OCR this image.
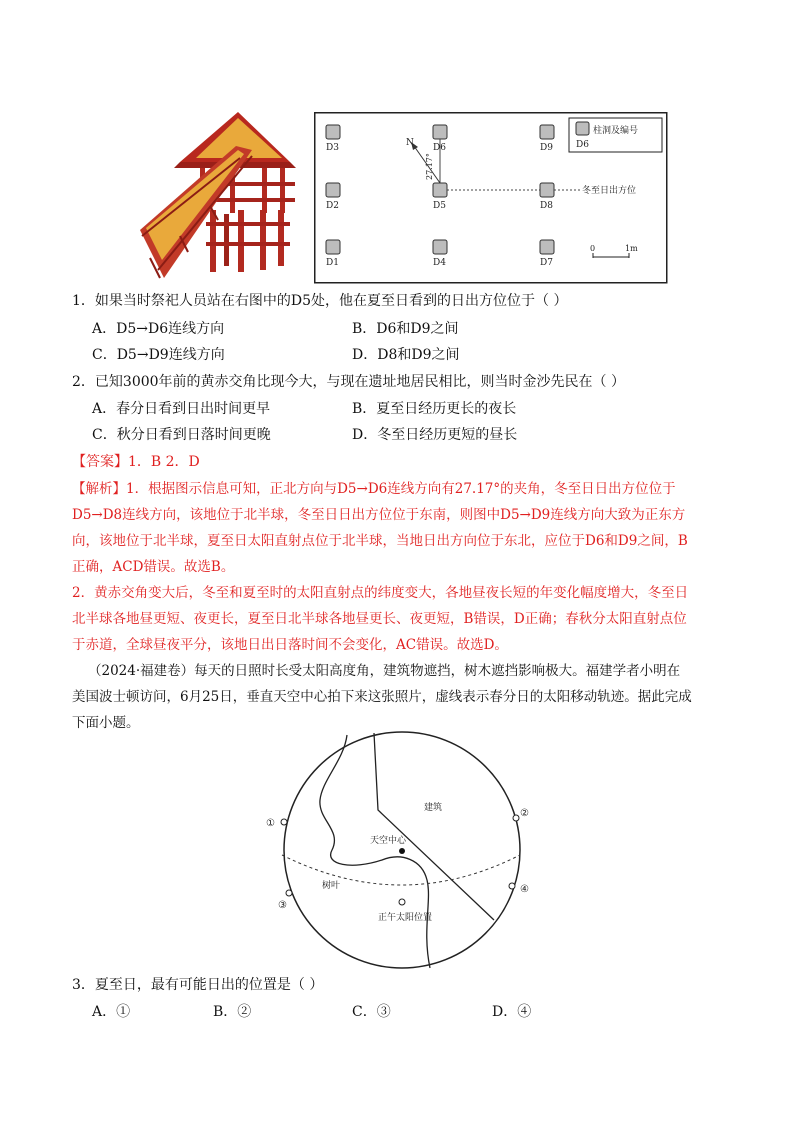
D3	D6	D9
D2	D5	D8
D1	D4	D7
N
27.17°
冬至日出方位
柱洞及编号
D6
0	1m
1．如果当时祭祀人员站在右图中的D5处，他在夏至日看到的日出方位位于（ ）
A．D5→D6连线方向	B．D6和D9之间
C．D5→D9连线方向	D．D8和D9之间
2．已知3000年前的黄赤交角比现今大，与现在遗址地居民相比，则当时金沙先民在（ ）
A．春分日看到日出时间更早	B．夏至日经历更长的夜长
C．秋分日看到日落时间更晚	D．冬至日经历更短的昼长
【答案】1．B 2．D

【解析】1．根据图示信息可知，正北方向与D5→D6连线方向有27.17°的夹角，冬至日日出方位位于

D5→D8连线方向，该地位于北半球，冬至日日出方位位于东南，则图中D5→D9连线方向大致为正东方

向，该地位于北半球，夏至日太阳直射点位于北半球，当地日出方向位于东北，应位于D6和D9之间，B

正确，ACD错误。故选B。

2．黄赤交角变大后，冬至和夏至时的太阳直射点的纬度变大，各地昼夜长短的年变化幅度增大，冬至日

北半球各地昼更短、夜更长，夏至日北半球各地昼更长、夜更短，B错误，D正确；春秋分太阳直射点位

于赤道，全球昼夜平分，该地日出日落时间不会变化，AC错误。故选D。

（2024·福建卷）每天的日照时长受太阳高度角，建筑物遮挡，树木遮挡影响极大。福建学者小明在
美国波士顿访问，6月25日，垂直天空中心拍下来这张照片，虚线表示春分日的太阳移动轨迹。据此完成
下面小题。
建筑
天空中心
树叶
正午太阳位置
①
②
③
④
3．夏至日，最有可能日出的位置是（ ）
A．①	B．②	C．③	D．④
